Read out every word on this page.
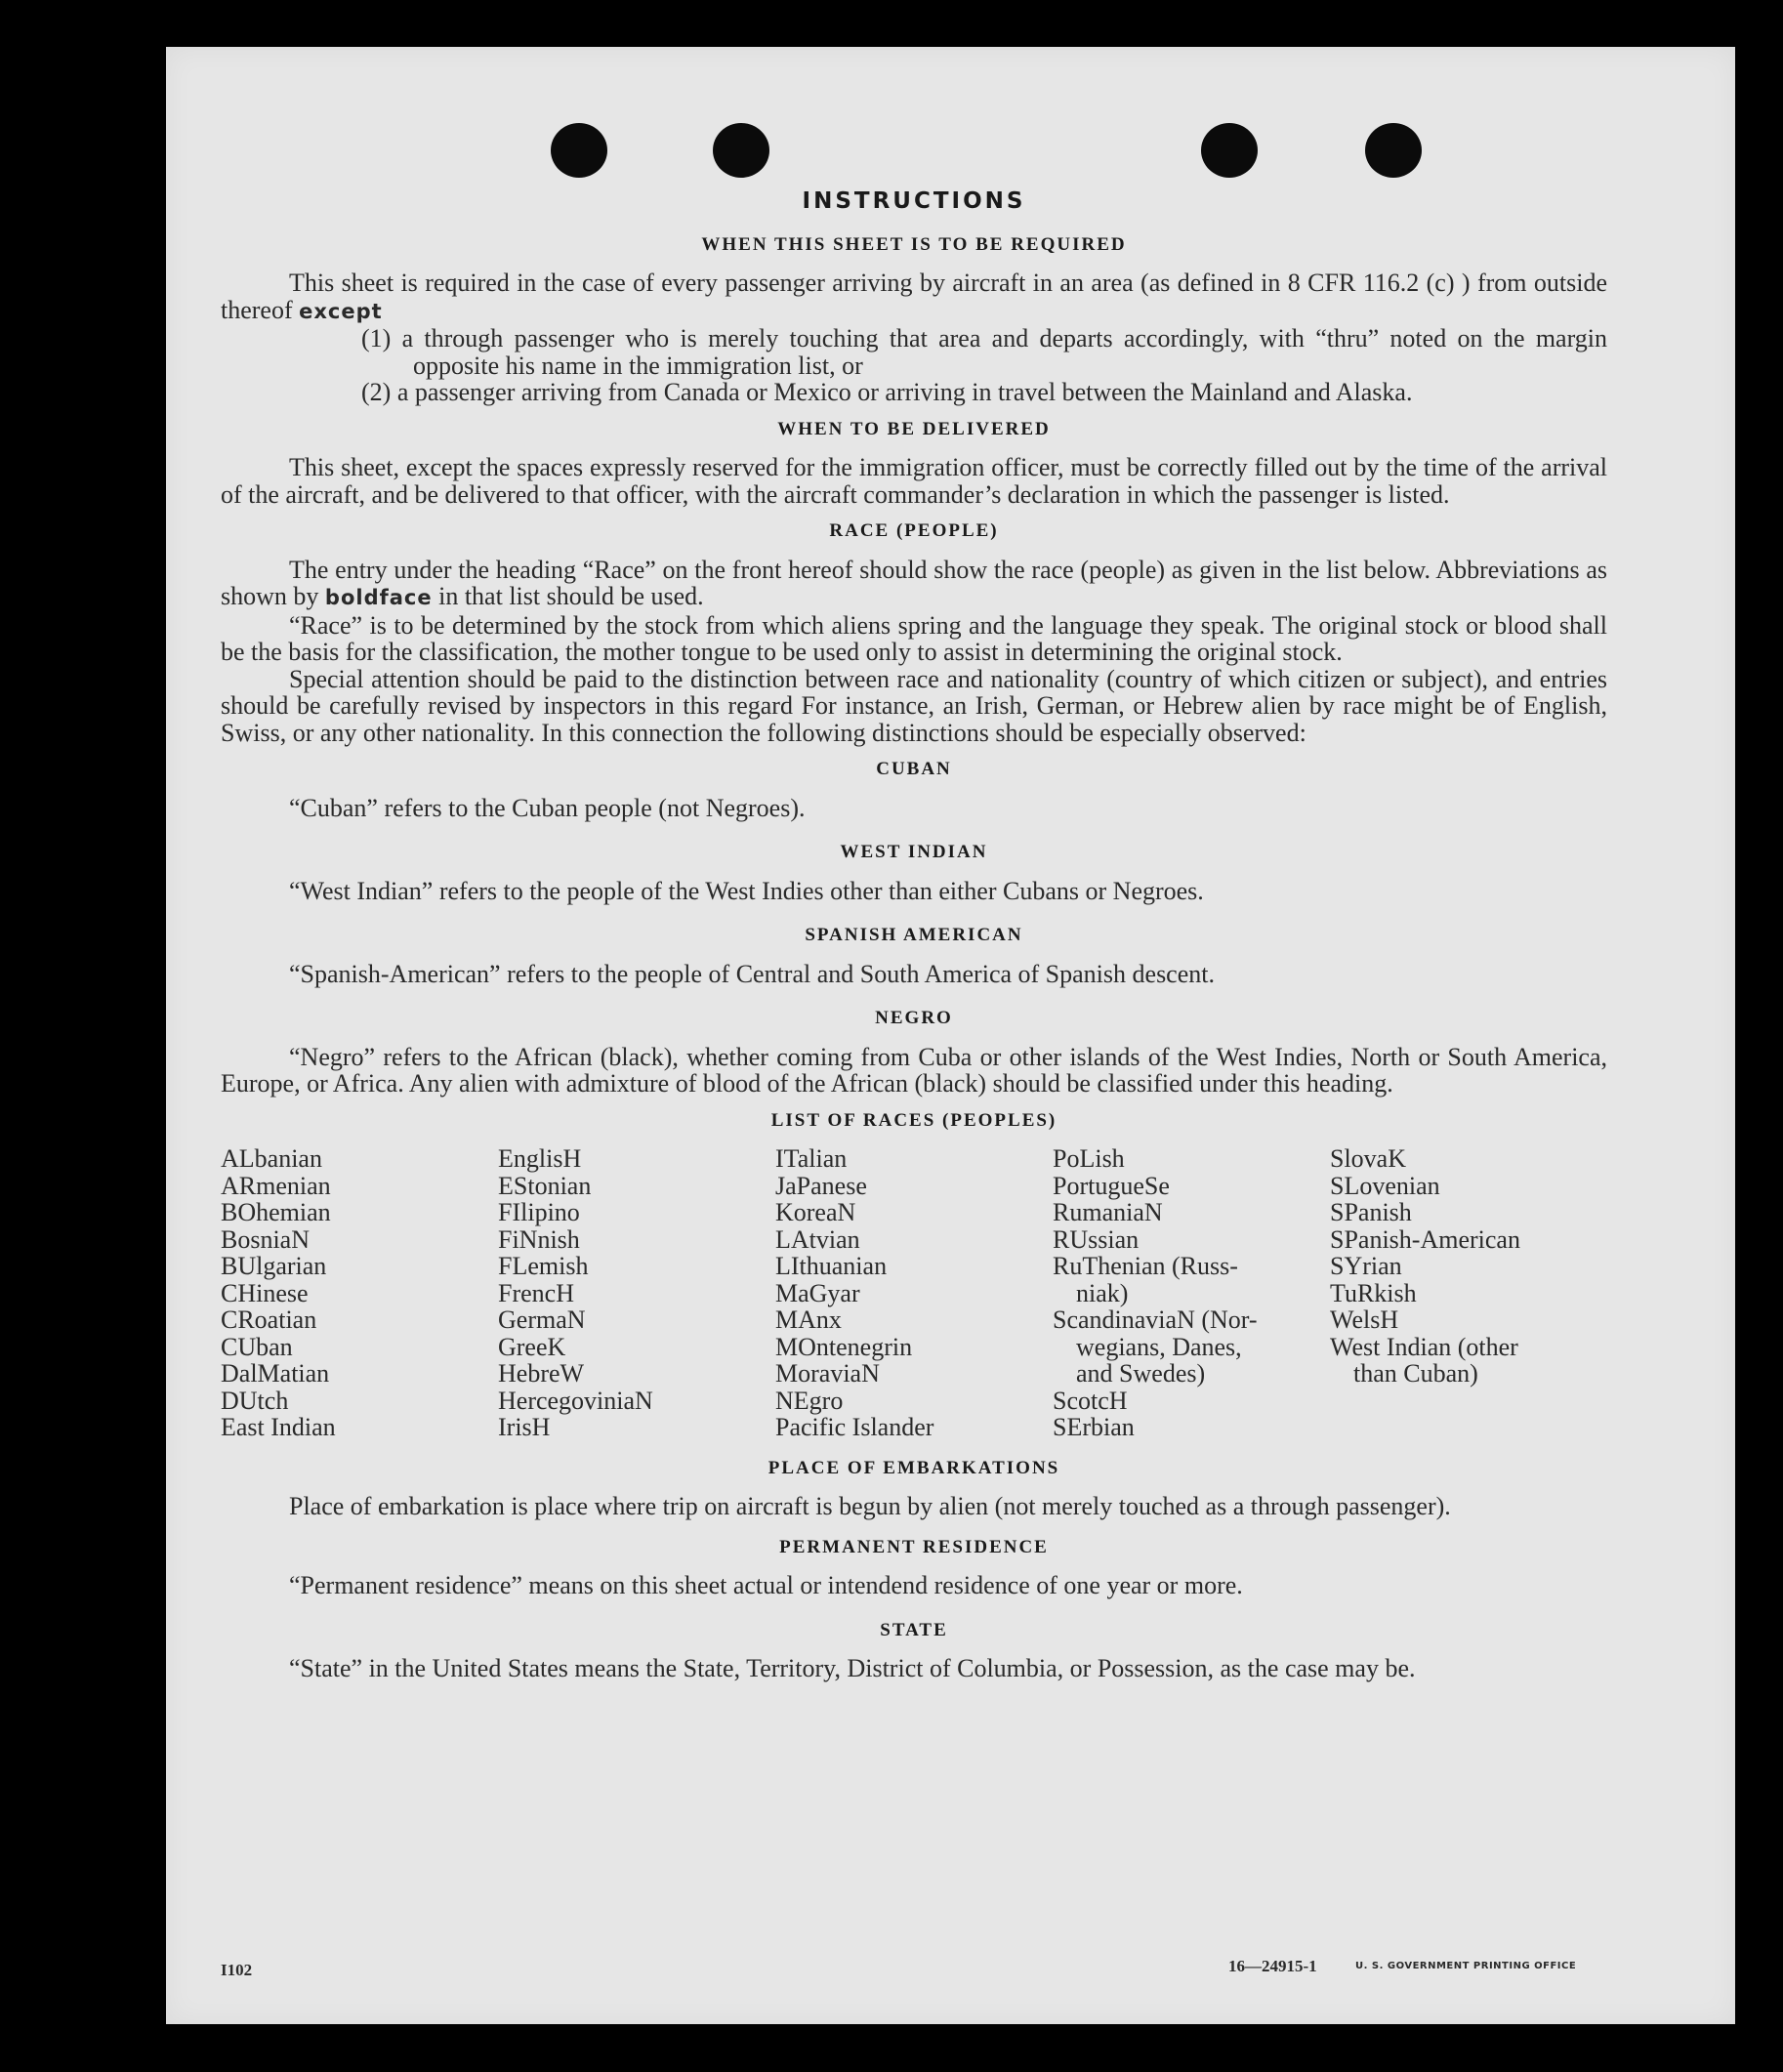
INSTRUCTIONS
WHEN THIS SHEET IS TO BE REQUIRED

This sheet is required in the case of every passenger arriving by aircraft in an area (as defined in 8 CFR 116.2 (c) ) from outside thereof except

(1) a through passenger who is merely touching that area and departs accordingly, with “thru” noted on the margin opposite his name in the immigration list, or

(2) a passenger arriving from Canada or Mexico or arriving in travel between the Mainland and Alaska.

WHEN TO BE DELIVERED

This sheet, except the spaces expressly reserved for the immigration officer, must be correctly filled out by the time of the arrival of the aircraft, and be delivered to that officer, with the aircraft commander’s declaration in which the passenger is listed.

RACE (PEOPLE)

The entry under the heading “Race” on the front hereof should show the race (people) as given in the list below. Abbreviations as shown by boldface in that list should be used.

“Race” is to be determined by the stock from which aliens spring and the language they speak. The original stock or blood shall be the basis for the classification, the mother tongue to be used only to assist in determining the original stock.

Special attention should be paid to the distinction between race and nationality (country of which citizen or subject), and entries should be carefully revised by inspectors in this regard For instance, an Irish, German, or Hebrew alien by race might be of English, Swiss, or any other nationality. In this connection the following distinctions should be especially observed:

CUBAN

“Cuban” refers to the Cuban people (not Negroes).

WEST INDIAN

“West Indian” refers to the people of the West Indies other than either Cubans or Negroes.

SPANISH AMERICAN

“Spanish-American” refers to the people of Central and South America of Spanish descent.

NEGRO

“Negro” refers to the African (black), whether coming from Cuba or other islands of the West Indies, North or South America, Europe, or Africa. Any alien with admixture of blood of the African (black) should be classified under this heading.

LIST OF RACES (PEOPLES)
ALbanian
ARmenian
BOhemian
BosniaN
BUlgarian
CHinese
CRoatian
CUban
DalMatian
DUtch
East Indian
EnglisH
EStonian
FIlipino
FiNnish
FLemish
FrencH
GermaN
GreeK
HebreW
HercegoviniaN
IrisH
ITalian
JaPanese
KoreaN
LAtvian
LIthuanian
MaGyar
MAnx
MOntenegrin
MoraviaN
NEgro
Pacific Islander
PoLish
PortugueSe
RumaniaN
RUssian
RuThenian (Russ-
niak)
ScandinaviaN (Nor-
wegians, Danes,
and Swedes)
ScotcH
SErbian
SlovaK
SLovenian
SPanish
SPanish-American
SYrian
TuRkish
WelsH
West Indian (other
than Cuban)
PLACE OF EMBARKATIONS

Place of embarkation is place where trip on aircraft is begun by alien (not merely touched as a through passenger).

PERMANENT RESIDENCE

“Permanent residence” means on this sheet actual or intendend residence of one year or more.

STATE

“State” in the United States means the State, Territory, District of Columbia, or Possession, as the case may be.

I102	16—24915-1	U. S. GOVERNMENT PRINTING OFFICE
